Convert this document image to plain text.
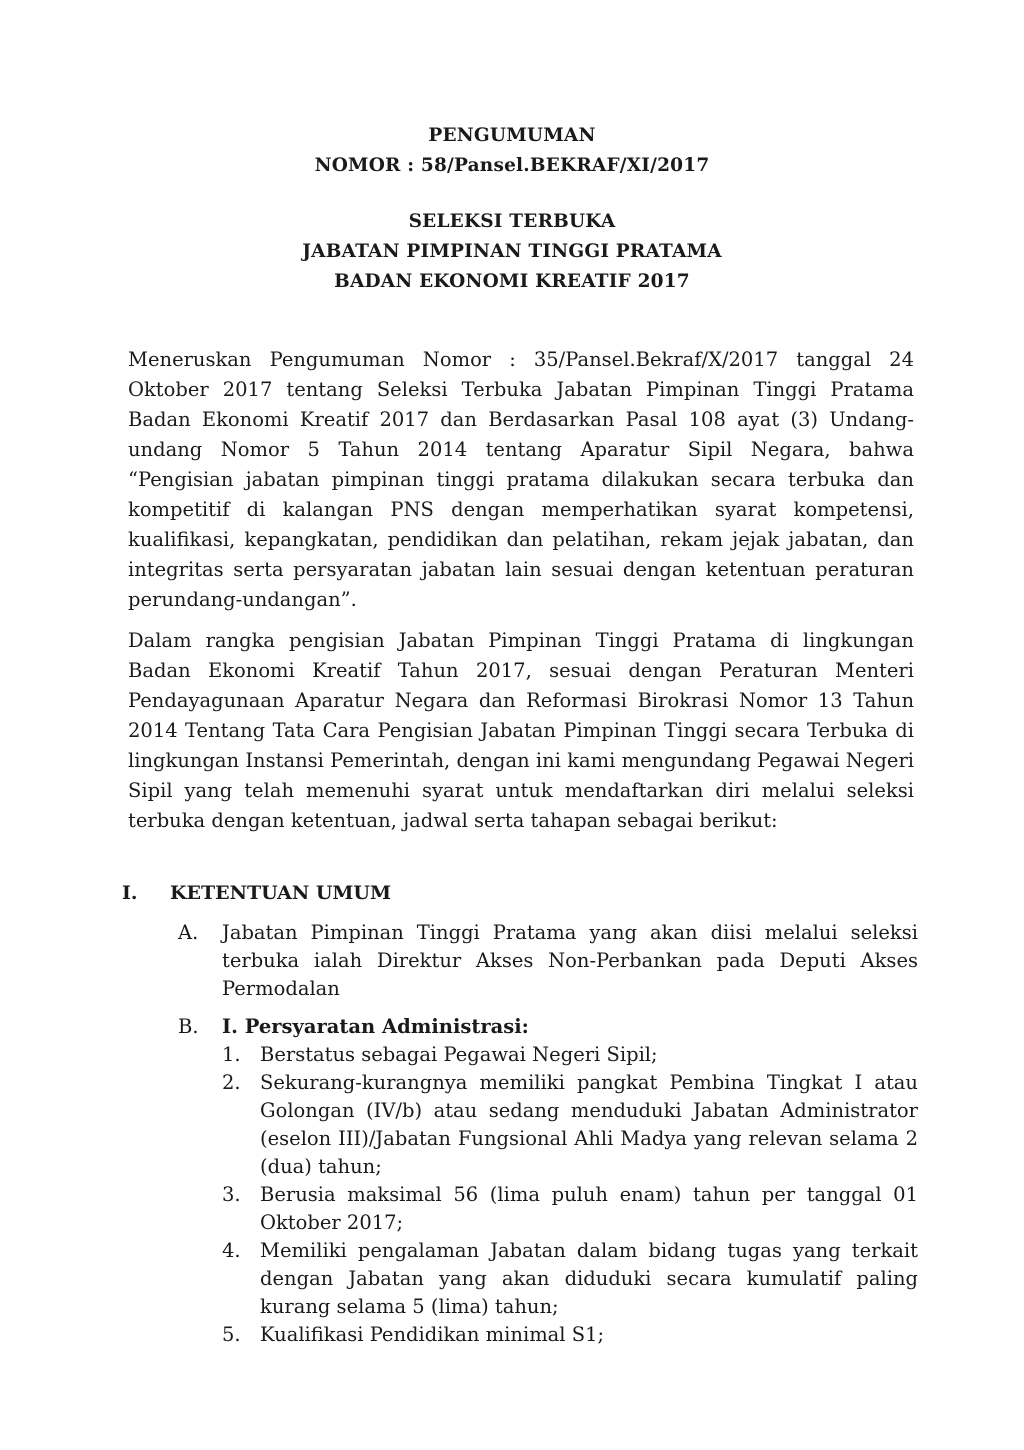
PENGUMUMAN
NOMOR : 58/Pansel.BEKRAF/XI/2017
SELEKSI TERBUKA
JABATAN PIMPINAN TINGGI PRATAMA
BADAN EKONOMI KREATIF 2017

Meneruskan Pengumuman Nomor : 35/Pansel.Bekraf/X/2017 tanggal 24 Oktober 2017 tentang Seleksi Terbuka Jabatan Pimpinan Tinggi Pratama Badan Ekonomi Kreatif 2017 dan Berdasarkan Pasal 108 ayat (3) Undang-undang Nomor 5 Tahun 2014 tentang Aparatur Sipil Negara, bahwa “Pengisian jabatan pimpinan tinggi pratama dilakukan secara terbuka dan kompetitif di kalangan PNS dengan memperhatikan syarat kompetensi, kualifikasi, kepangkatan, pendidikan dan pelatihan, rekam jejak jabatan, dan integritas serta persyaratan jabatan lain sesuai dengan ketentuan peraturan perundang-undangan”.

Dalam rangka pengisian Jabatan Pimpinan Tinggi Pratama di lingkungan Badan Ekonomi Kreatif Tahun 2017, sesuai dengan Peraturan Menteri Pendayagunaan Aparatur Negara dan Reformasi Birokrasi Nomor 13 Tahun 2014 Tentang Tata Cara Pengisian Jabatan Pimpinan Tinggi secara Terbuka di lingkungan Instansi Pemerintah, dengan ini kami mengundang Pegawai Negeri Sipil yang telah memenuhi syarat untuk mendaftarkan diri melalui seleksi terbuka dengan ketentuan, jadwal serta tahapan sebagai berikut:

I. KETENTUAN UMUM
A.	Jabatan Pimpinan Tinggi Pratama yang akan diisi melalui seleksi terbuka ialah Direktur Akses Non-Perbankan pada Deputi Akses Permodalan
B.	I. Persyaratan Administrasi:
1. Berstatus sebagai Pegawai Negeri Sipil;
2. Sekurang-kurangnya memiliki pangkat Pembina Tingkat I atau Golongan (IV/b) atau sedang menduduki Jabatan Administrator (eselon III)/Jabatan Fungsional Ahli Madya yang relevan selama 2 (dua) tahun;
3. Berusia maksimal 56 (lima puluh enam) tahun per tanggal 01 Oktober 2017;
4. Memiliki pengalaman Jabatan dalam bidang tugas yang terkait dengan Jabatan yang akan diduduki secara kumulatif paling kurang selama 5 (lima) tahun;
5. Kualifikasi Pendidikan minimal S1;
